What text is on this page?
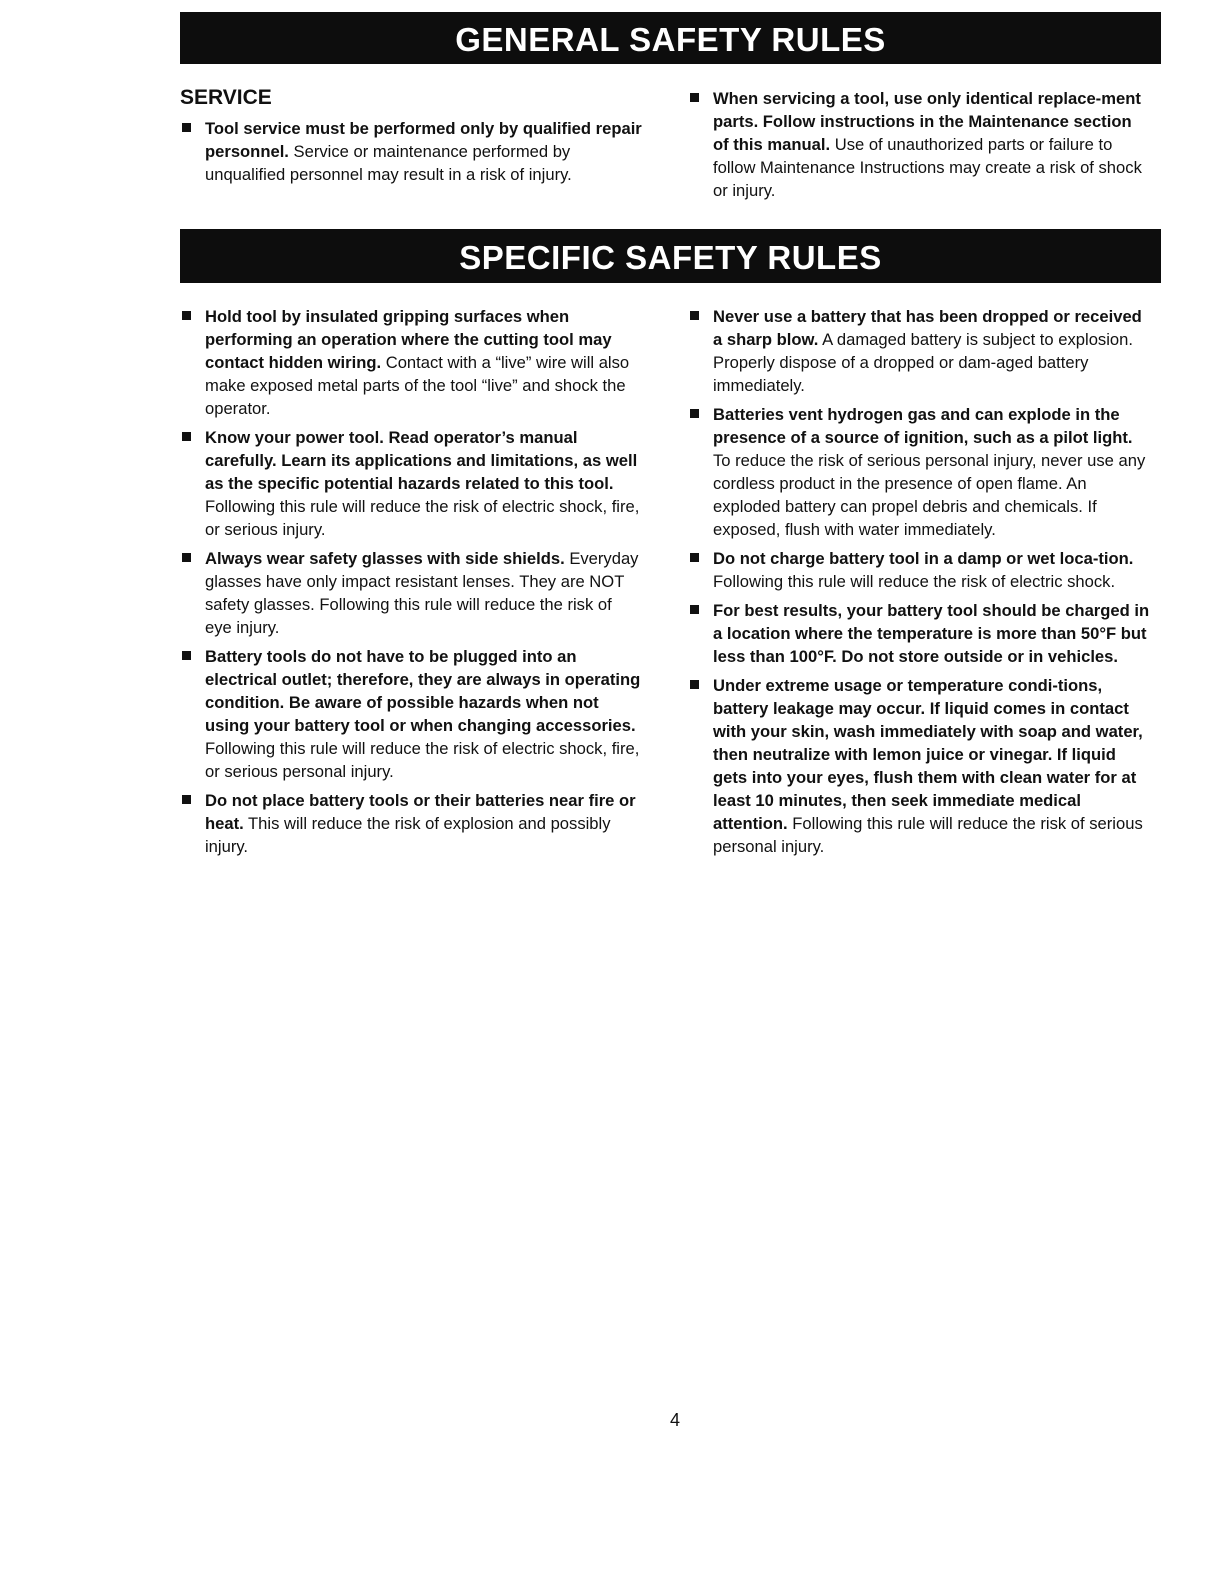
GENERAL SAFETY RULES
SERVICE
Tool service must be performed only by qualified repair personnel. Service or maintenance performed by unqualified personnel may result in a risk of injury.
When servicing a tool, use only identical replace-ment parts. Follow instructions in the Maintenance section of this manual. Use of unauthorized parts or failure to follow Maintenance Instructions may create a risk of shock or injury.
SPECIFIC SAFETY RULES
Hold tool by insulated gripping surfaces when performing an operation where the cutting tool may contact hidden wiring. Contact with a “live” wire will also make exposed metal parts of the tool “live” and shock the operator.
Know your power tool. Read operator’s manual carefully. Learn its applications and limitations, as well as the specific potential hazards related to this tool. Following this rule will reduce the risk of electric shock, fire, or serious injury.
Always wear safety glasses with side shields. Everyday glasses have only impact resistant lenses. They are NOT safety glasses. Following this rule will reduce the risk of eye injury.
Battery tools do not have to be plugged into an electrical outlet; therefore, they are always in operating condition. Be aware of possible hazards when not using your battery tool or when changing accessories. Following this rule will reduce the risk of electric shock, fire, or serious personal injury.
Do not place battery tools or their batteries near fire or heat. This will reduce the risk of explosion and possibly injury.
Never use a battery that has been dropped or received a sharp blow. A damaged battery is subject to explosion. Properly dispose of a dropped or dam-aged battery immediately.
Batteries vent hydrogen gas and can explode in the presence of a source of ignition, such as a pilot light. To reduce the risk of serious personal injury, never use any cordless product in the presence of open flame. An exploded battery can propel debris and chemicals. If exposed, flush with water immediately.
Do not charge battery tool in a damp or wet loca-tion. Following this rule will reduce the risk of electric shock.
For best results, your battery tool should be charged in a location where the temperature is more than 50°F but less than 100°F. Do not store outside or in vehicles.
Under extreme usage or temperature condi-tions, battery leakage may occur. If liquid comes in contact with your skin, wash immediately with soap and water, then neutralize with lemon juice or vinegar. If liquid gets into your eyes, flush them with clean water for at least 10 minutes, then seek immediate medical attention. Following this rule will reduce the risk of serious personal injury.
4
